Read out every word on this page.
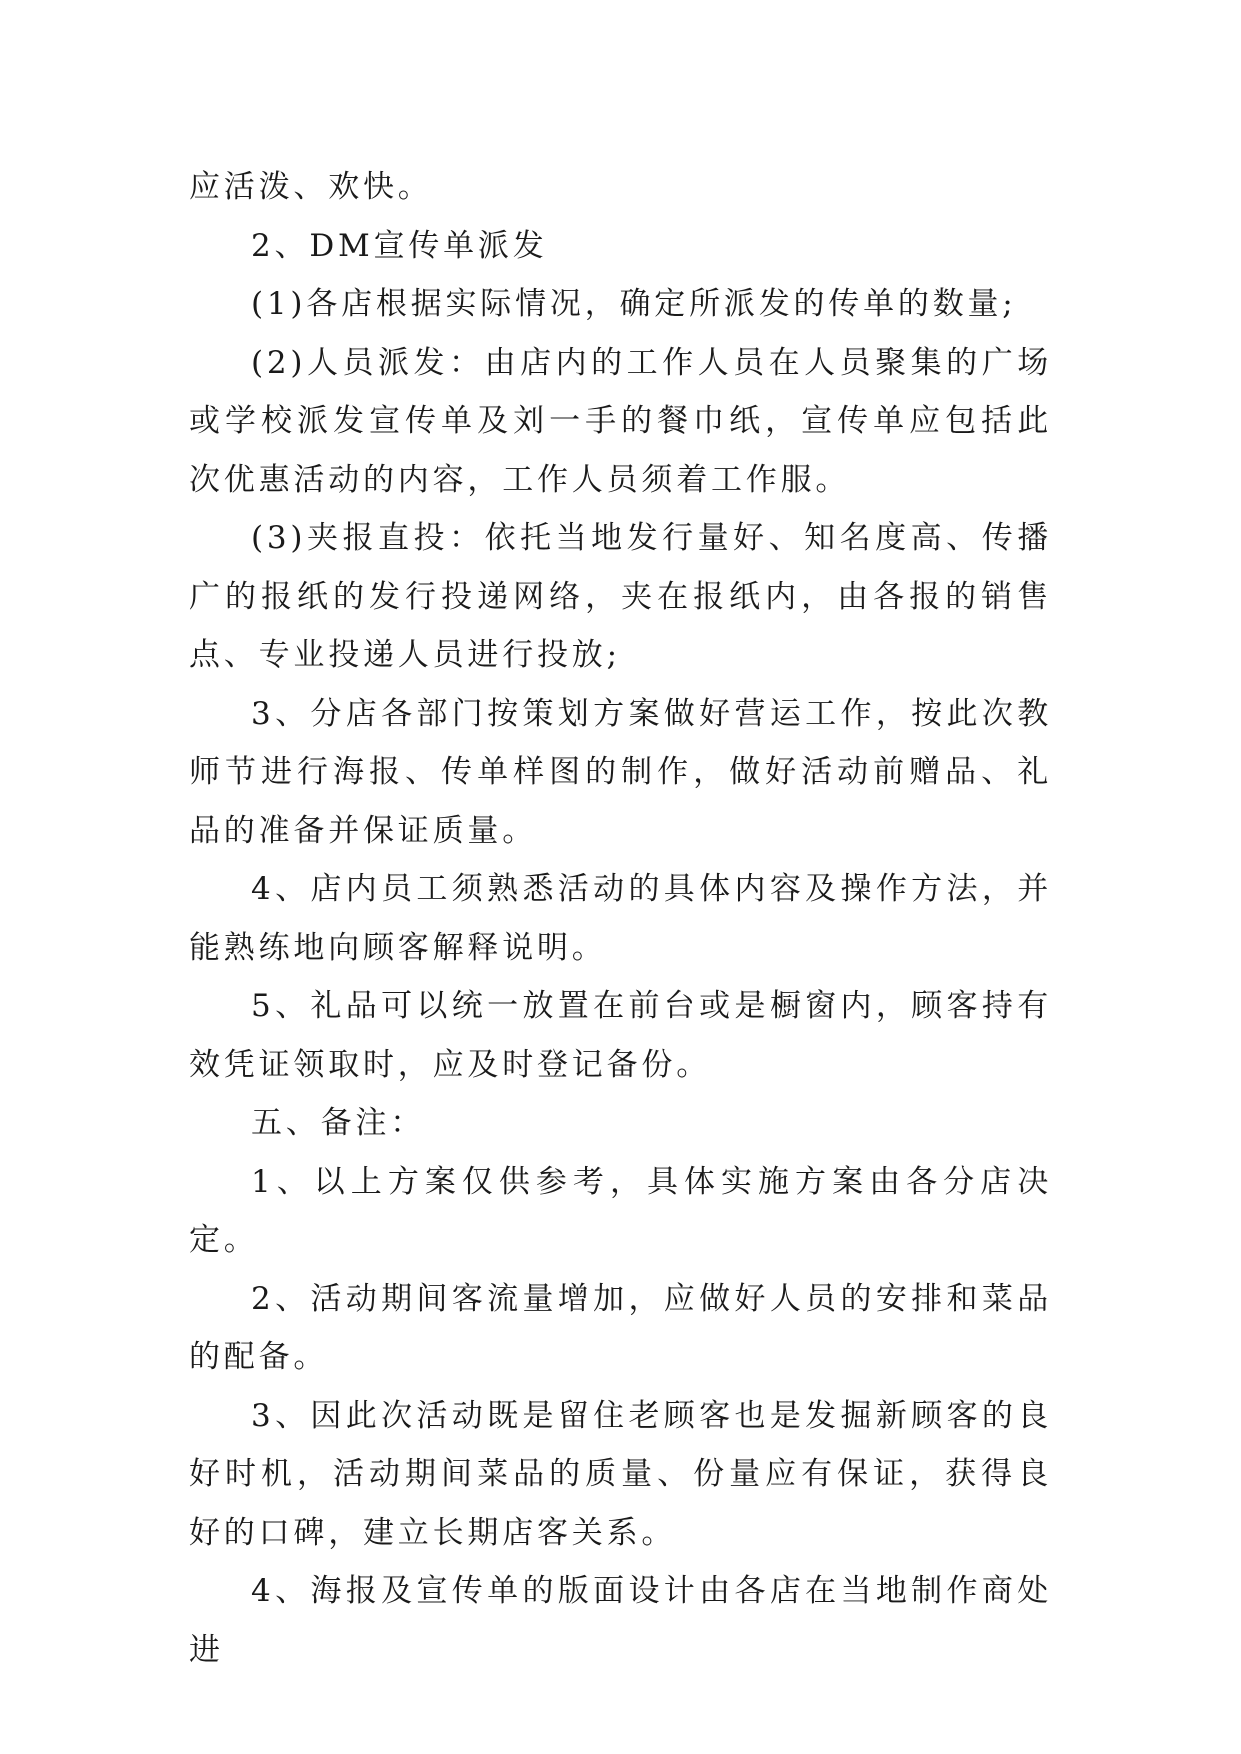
应活泼、欢快。

2、DM宣传单派发

(1)各店根据实际情况，确定所派发的传单的数量;

(2)人员派发：由店内的工作人员在人员聚集的广场或学校派发宣传单及刘一手的餐巾纸，宣传单应包括此次优惠活动的内容，工作人员须着工作服。

(3)夹报直投：依托当地发行量好、知名度高、传播广的报纸的发行投递网络，夹在报纸内，由各报的销售点、专业投递人员进行投放;

3、分店各部门按策划方案做好营运工作，按此次教师节进行海报、传单样图的制作，做好活动前赠品、礼品的准备并保证质量。

4、店内员工须熟悉活动的具体内容及操作方法，并能熟练地向顾客解释说明。

5、礼品可以统一放置在前台或是橱窗内，顾客持有效凭证领取时，应及时登记备份。

五、备注：

1、以上方案仅供参考，具体实施方案由各分店决定。

2、活动期间客流量增加，应做好人员的安排和菜品的配备。

3、因此次活动既是留住老顾客也是发掘新顾客的良好时机，活动期间菜品的质量、份量应有保证，获得良好的口碑，建立长期店客关系。

4、海报及宣传单的版面设计由各店在当地制作商处进
